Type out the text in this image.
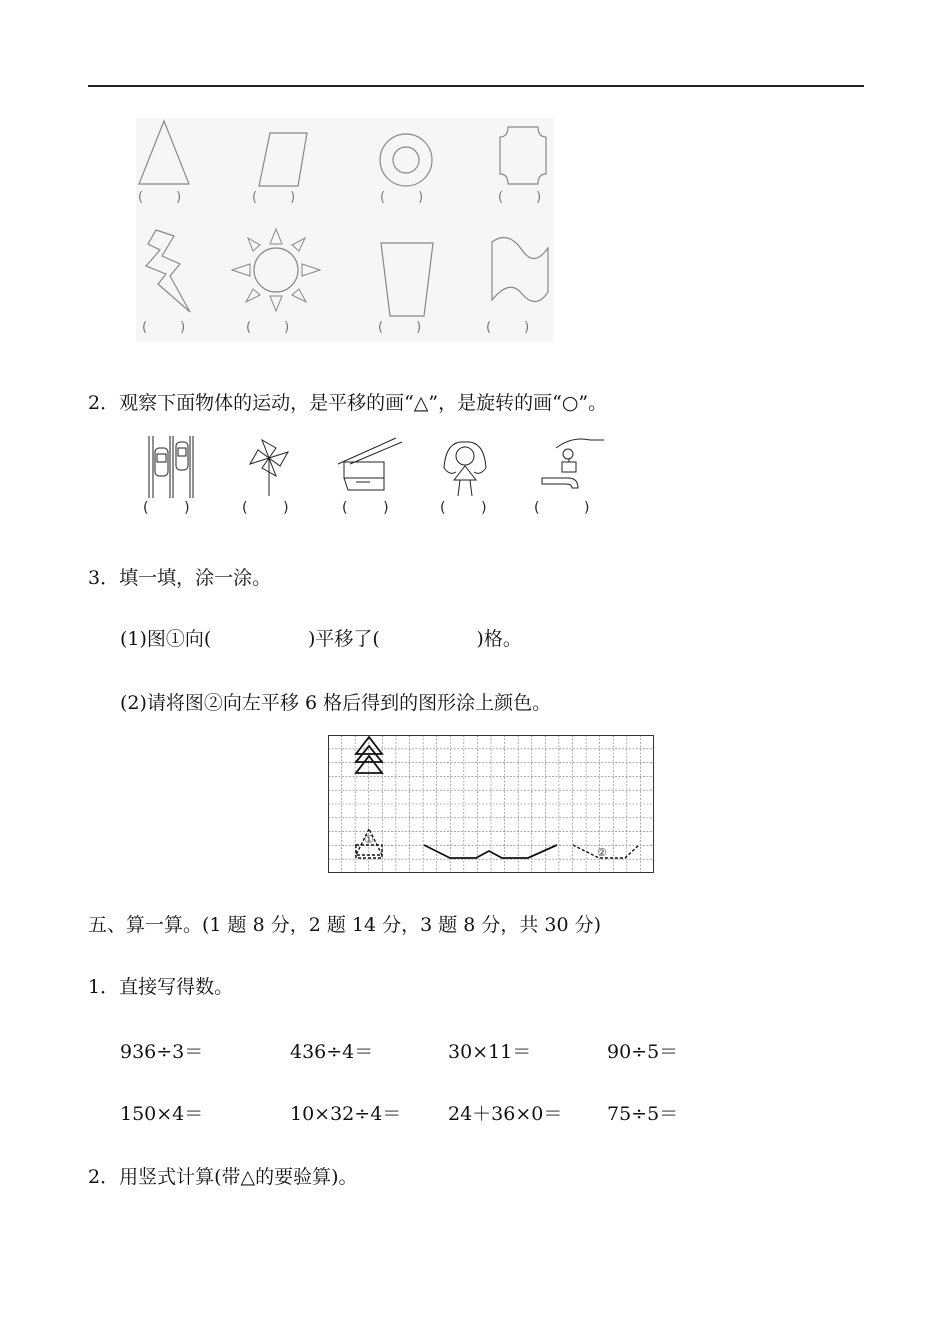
(        )	(        )	(        )	(        )
(        )	(        )	(        )	(        )
2．观察下面物体的运动，是平移的画“△”，是旋转的画“○”。
(        )	(        )	(        )	(        )	(          )
3．填一填，涂一涂。
(1)图①向(                )平移了(                )格。
(2)请将图②向左平移 6 格后得到的图形涂上颜色。
①
②
五、算一算。(1 题 8 分，2 题 14 分，3 题 8 分，共 30 分)
1．直接写得数。
936÷3＝	436÷4＝	30×11＝	90÷5＝
150×4＝	10×32÷4＝ 24＋36×0＝ 75÷5＝
2．用竖式计算(带△的要验算)。
